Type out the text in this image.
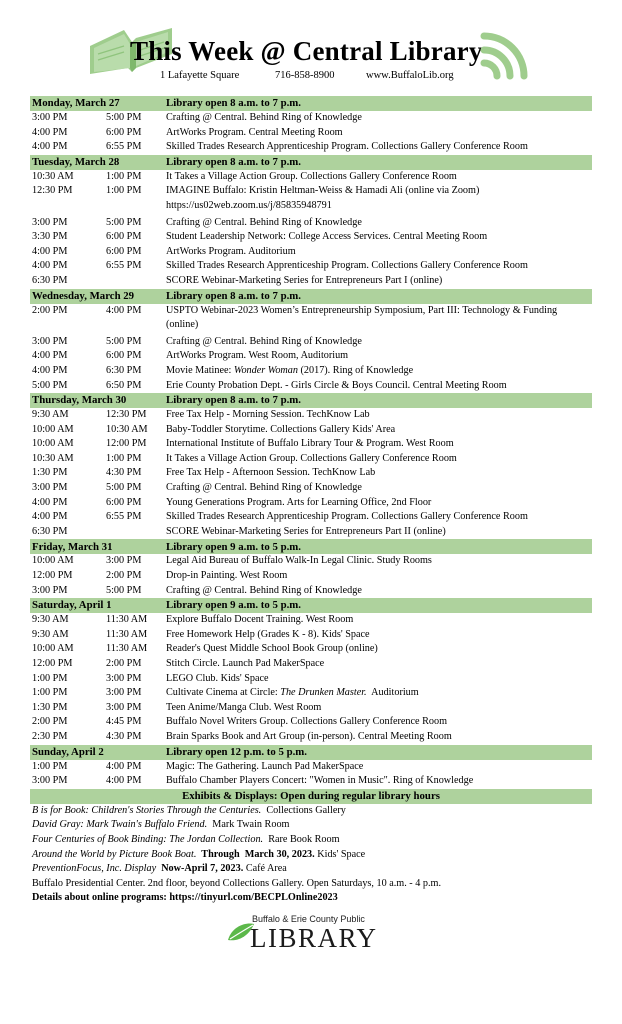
This Week @ Central Library
1 Lafayette Square	716-858-8900	www.BuffaloLib.org
Monday, March 27	Library open 8 a.m. to 7 p.m.
3:00 PM	5:00 PM	Crafting @ Central. Behind Ring of Knowledge
4:00 PM	6:00 PM	ArtWorks Program. Central Meeting Room
4:00 PM	6:55 PM	Skilled Trades Research Apprenticeship Program. Collections Gallery Conference Room
Tuesday, March 28	Library open 8 a.m. to 7 p.m.
10:30 AM	1:00 PM	It Takes a Village Action Group. Collections Gallery Conference Room
12:30 PM	1:00 PM	IMAGINE Buffalo: Kristin Heltman-Weiss & Hamadi Ali (online via Zoom)
https://us02web.zoom.us/j/85835948791
3:00 PM	5:00 PM	Crafting @ Central. Behind Ring of Knowledge
3:30 PM	6:00 PM	Student Leadership Network: College Access Services. Central Meeting Room
4:00 PM	6:00 PM	ArtWorks Program. Auditorium
4:00 PM	6:55 PM	Skilled Trades Research Apprenticeship Program. Collections Gallery Conference Room
6:30 PM	SCORE Webinar-Marketing Series for Entrepreneurs Part I (online)
Wednesday, March 29	Library open 8 a.m. to 7 p.m.
2:00 PM	4:00 PM	USPTO Webinar-2023 Women’s Entrepreneurship Symposium, Part III: Technology & Funding
(online)
3:00 PM	5:00 PM	Crafting @ Central. Behind Ring of Knowledge
4:00 PM	6:00 PM	ArtWorks Program. West Room, Auditorium
4:00 PM	6:30 PM	Movie Matinee: Wonder Woman (2017). Ring of Knowledge
5:00 PM	6:50 PM	Erie County Probation Dept. - Girls Circle & Boys Council. Central Meeting Room
Thursday, March 30	Library open 8 a.m. to 7 p.m.
9:30 AM	12:30 PM	Free Tax Help - Morning Session. TechKnow Lab
10:00 AM	10:30 AM	Baby-Toddler Storytime. Collections Gallery Kids' Area
10:00 AM	12:00 PM	International Institute of Buffalo Library Tour & Program. West Room
10:30 AM	1:00 PM	It Takes a Village Action Group. Collections Gallery Conference Room
1:30 PM	4:30 PM	Free Tax Help - Afternoon Session. TechKnow Lab
3:00 PM	5:00 PM	Crafting @ Central. Behind Ring of Knowledge
4:00 PM	6:00 PM	Young Generations Program. Arts for Learning Office, 2nd Floor
4:00 PM	6:55 PM	Skilled Trades Research Apprenticeship Program. Collections Gallery Conference Room
6:30 PM	SCORE Webinar-Marketing Series for Entrepreneurs Part II (online)
Friday, March 31	Library open 9 a.m. to 5 p.m.
10:00 AM	3:00 PM	Legal Aid Bureau of Buffalo Walk-In Legal Clinic. Study Rooms
12:00 PM	2:00 PM	Drop-in Painting. West Room
3:00 PM	5:00 PM	Crafting @ Central. Behind Ring of Knowledge
Saturday, April 1	Library open 9 a.m. to 5 p.m.
9:30 AM	11:30 AM	Explore Buffalo Docent Training. West Room
9:30 AM	11:30 AM	Free Homework Help (Grades K - 8). Kids' Space
10:00 AM	11:30 AM	Reader's Quest Middle School Book Group (online)
12:00 PM	2:00 PM	Stitch Circle. Launch Pad MakerSpace
1:00 PM	3:00 PM	LEGO Club. Kids' Space
1:00 PM	3:00 PM	Cultivate Cinema at Circle: The Drunken Master.  Auditorium
1:30 PM	3:00 PM	Teen Anime/Manga Club. West Room
2:00 PM	4:45 PM	Buffalo Novel Writers Group. Collections Gallery Conference Room
2:30 PM	4:30 PM	Brain Sparks Book and Art Group (in-person). Central Meeting Room
Sunday, April 2	Library open 12 p.m. to 5 p.m.
1:00 PM	4:00 PM	Magic: The Gathering. Launch Pad MakerSpace
3:00 PM	4:00 PM	Buffalo Chamber Players Concert: "Women in Music". Ring of Knowledge
Exhibits & Displays: Open during regular library hours
B is for Book: Children's Stories Through the Centuries.  Collections Gallery
David Gray: Mark Twain's Buffalo Friend.  Mark Twain Room
Four Centuries of Book Binding: The Jordan Collection.  Rare Book Room
Around the World by Picture Book Boat.  Through  March 30, 2023. Kids' Space
PreventionFocus, Inc. Display  Now-April 7, 2023. Café Area
Buffalo Presidential Center. 2nd floor, beyond Collections Gallery. Open Saturdays, 10 a.m. - 4 p.m.
Details about online programs: https://tinyurl.com/BECPLOnline2023
Buffalo & Erie County Public
LIBRARY
